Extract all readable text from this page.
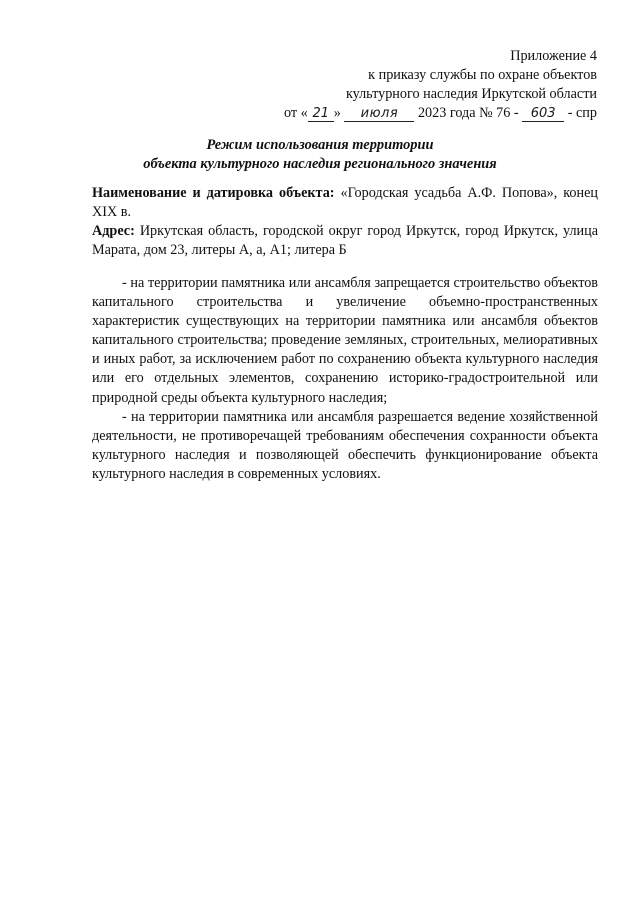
Приложение 4
к приказу службы по охране объектов
культурного наследия Иркутской области
от « 21 » июля 2023 года № 76 - 603 - спр
Режим использования территории
объекта культурного наследия регионального значения

Наименование и датировка объекта: «Городская усадьба А.Ф. Попова», конец XIX в.

Адрес: Иркутская область, городской округ город Иркутск, город Иркутск, улица Марата, дом 23, литеры А, а, А1; литера Б

- на территории памятника или ансамбля запрещается строительство объектов капитального строительства и увеличение объемно-пространственных характеристик существующих на территории памятника или ансамбля объектов капитального строительства; проведение земляных, строительных, мелиоративных и иных работ, за исключением работ по сохранению объекта культурного наследия или его отдельных элементов, сохранению историко-градостроительной или природной среды объекта культурного наследия;

- на территории памятника или ансамбля разрешается ведение хозяйственной деятельности, не противоречащей требованиям обеспечения сохранности объекта культурного наследия и позволяющей обеспечить функционирование объекта культурного наследия в современных условиях.
